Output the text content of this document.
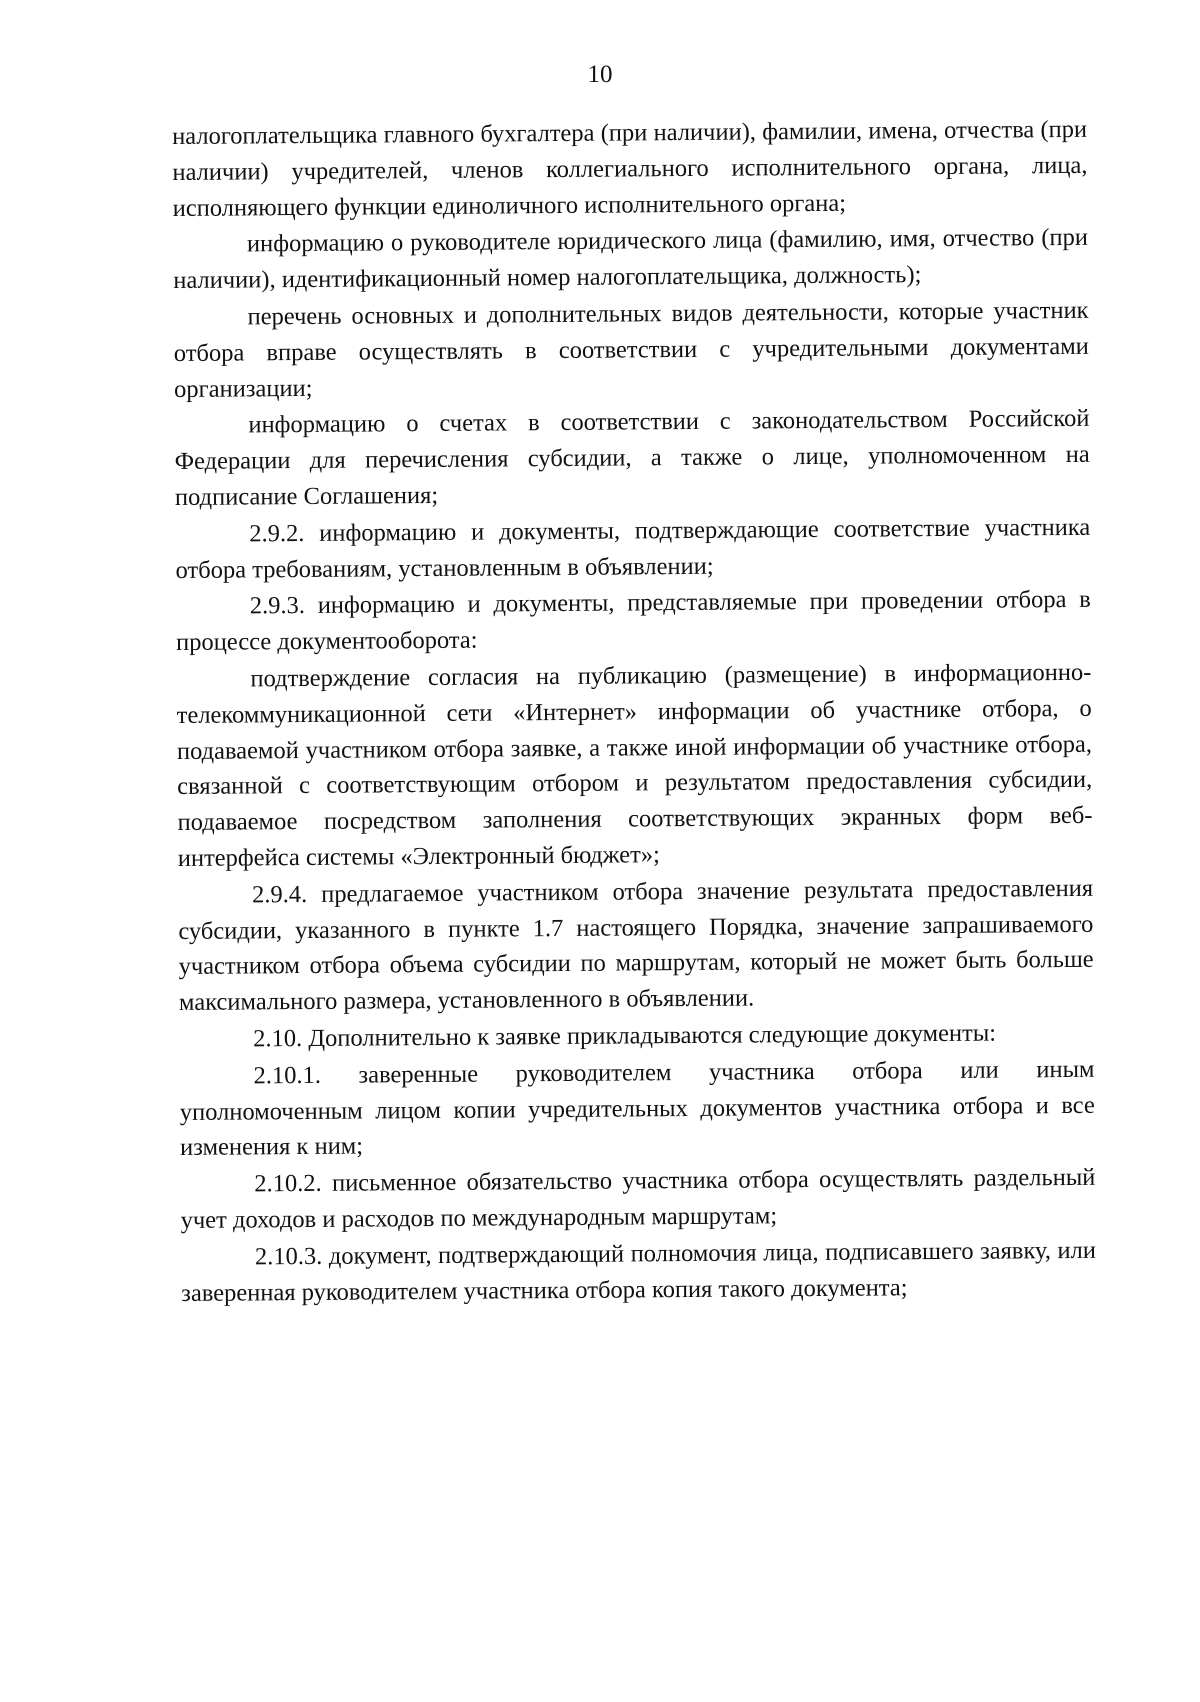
10

налогоплательщика главного бухгалтера (при наличии), фамилии, имена, отчества (при наличии) учредителей, членов коллегиального исполнительного органа, лица, исполняющего функции единоличного исполнительного органа;

информацию о руководителе юридического лица (фамилию, имя, отчество (при наличии), идентификационный номер налогоплательщика, должность);

перечень основных и дополнительных видов деятельности, которые участник отбора вправе осуществлять в соответствии с учредительными документами организации;

информацию о счетах в соответствии с законодательством Российской Федерации для перечисления субсидии, а также о лице, уполномоченном на подписание Соглашения;

2.9.2. информацию и документы, подтверждающие соответствие участника отбора требованиям, установленным в объявлении;

2.9.3. информацию и документы, представляемые при проведении отбора в процессе документооборота:

подтверждение согласия на публикацию (размещение) в информационно-телекоммуникационной сети «Интернет» информации об участнике отбора, о подаваемой участником отбора заявке, а также иной информации об участнике отбора, связанной с соответствующим отбором и результатом предоставления субсидии, подаваемое посредством заполнения соответствующих экранных форм веб-интерфейса системы «Электронный бюджет»;

2.9.4. предлагаемое участником отбора значение результата предоставления субсидии, указанного в пункте 1.7 настоящего Порядка, значение запрашиваемого участником отбора объема субсидии по маршрутам, который не может быть больше максимального размера, установленного в объявлении.

2.10. Дополнительно к заявке прикладываются следующие документы:

2.10.1. заверенные руководителем участника отбора или иным уполномоченным лицом копии учредительных документов участника отбора и все изменения к ним;

2.10.2. письменное обязательство участника отбора осуществлять раздельный учет доходов и расходов по международным маршрутам;

2.10.3. документ, подтверждающий полномочия лица, подписавшего заявку, или заверенная руководителем участника отбора копия такого документа;
